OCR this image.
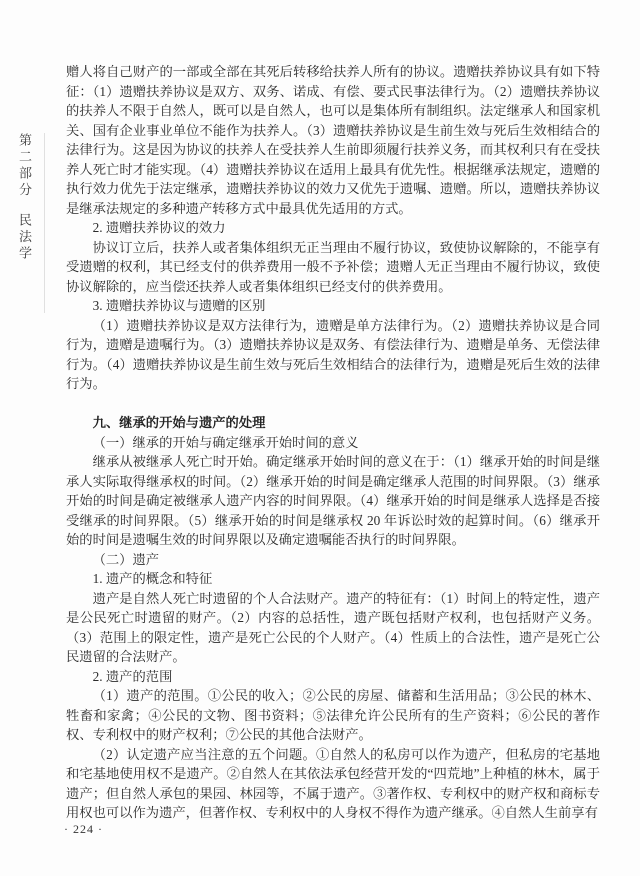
第二部分民法学

赠人将自己财产的一部或全部在其死后转移给扶养人所有的协议。遗赠扶养协议具有如下特征：（1）遗赠扶养协议是双方、双务、诺成、有偿、要式民事法律行为。（2）遗赠扶养协议的扶养人不限于自然人，既可以是自然人，也可以是集体所有制组织。法定继承人和国家机关、国有企业事业单位不能作为扶养人。（3）遗赠扶养协议是生前生效与死后生效相结合的法律行为。这是因为协议的扶养人在受扶养人生前即须履行扶养义务，而其权利只有在受扶养人死亡时才能实现。（4）遗赠扶养协议在适用上最具有优先性。根据继承法规定，遗赠的执行效力优先于法定继承，遗赠扶养协议的效力又优先于遗嘱、遗赠。所以，遗赠扶养协议是继承法规定的多种遗产转移方式中最具优先适用的方式。

2. 遗赠扶养协议的效力

协议订立后，扶养人或者集体组织无正当理由不履行协议，致使协议解除的，不能享有受遗赠的权利，其已经支付的供养费用一般不予补偿；遗赠人无正当理由不履行协议，致使协议解除的，应当偿还扶养人或者集体组织已经支付的供养费用。

3. 遗赠扶养协议与遗赠的区别

（1）遗赠扶养协议是双方法律行为，遗赠是单方法律行为。（2）遗赠扶养协议是合同行为，遗赠是遗嘱行为。（3）遗赠扶养协议是双务、有偿法律行为、遗赠是单务、无偿法律行为。（4）遗赠扶养协议是生前生效与死后生效相结合的法律行为，遗赠是死后生效的法律行为。

九、继承的开始与遗产的处理

（一）继承的开始与确定继承开始时间的意义

继承从被继承人死亡时开始。确定继承开始时间的意义在于：（1）继承开始的时间是继承人实际取得继承权的时间。（2）继承开始的时间是确定继承人范围的时间界限。（3）继承开始的时间是确定被继承人遗产内容的时间界限。（4）继承开始的时间是继承人选择是否接受继承的时间界限。（5）继承开始的时间是继承权 20 年诉讼时效的起算时间。（6）继承开始的时间是遗嘱生效的时间界限以及确定遗嘱能否执行的时间界限。

（二）遗产

1. 遗产的概念和特征

遗产是自然人死亡时遗留的个人合法财产。遗产的特征有：（1）时间上的特定性，遗产是公民死亡时遗留的财产。（2）内容的总括性，遗产既包括财产权利，也包括财产义务。（3）范围上的限定性，遗产是死亡公民的个人财产。（4）性质上的合法性，遗产是死亡公民遗留的合法财产。

2. 遗产的范围

（1）遗产的范围。①公民的收入；②公民的房屋、储蓄和生活用品；③公民的林木、牲畜和家禽；④公民的文物、图书资料；⑤法律允许公民所有的生产资料；⑥公民的著作权、专利权中的财产权利；⑦公民的其他合法财产。

（2）认定遗产应当注意的五个问题。①自然人的私房可以作为遗产，但私房的宅基地和宅基地使用权不是遗产。②自然人在其依法承包经营开发的“四荒地”上种植的林木，属于遗产；但自然人承包的果园、林园等，不属于遗产。③著作权、专利权中的财产权和商标专用权也可以作为遗产，但著作权、专利权中的人身权不得作为遗产继承。④自然人生前享有

· 224 ·
